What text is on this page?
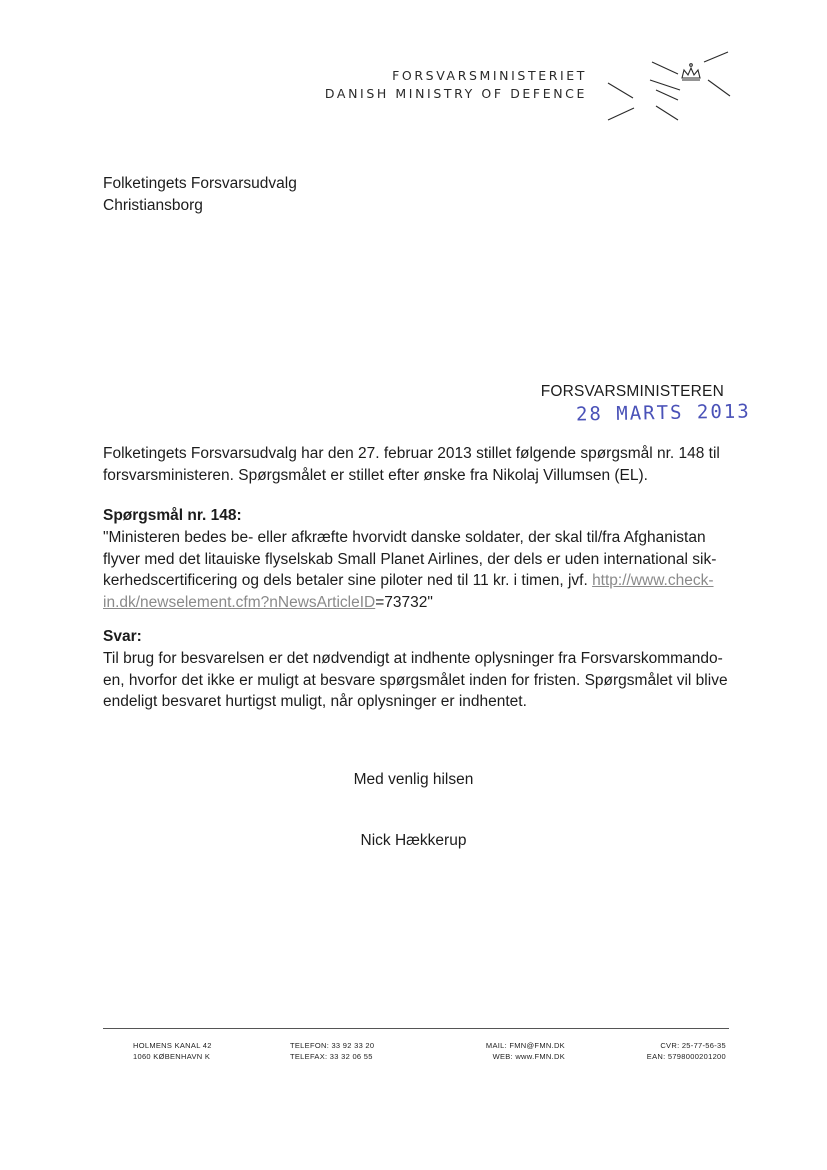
FORSVARSMINISTERIET
DANISH MINISTRY OF DEFENCE
Folketingets Forsvarsudvalg
Christiansborg
FORSVARSMINISTEREN
28 MARTS 2013
Folketingets Forsvarsudvalg har den 27. februar 2013 stillet følgende spørgsmål nr. 148 til
forsvarsministeren. Spørgsmålet er stillet efter ønske fra Nikolaj Villumsen (EL).
Spørgsmål nr. 148:
"Ministeren bedes be- eller afkræfte hvorvidt danske soldater, der skal til/fra Afghanistan
flyver med det litauiske flyselskab Small Planet Airlines, der dels er uden international sik-
kerhedscertificering og dels betaler sine piloter ned til 11 kr. i timen, jvf. http://www.check-
in.dk/newselement.cfm?nNewsArticleID=73732"
Svar:
Til brug for besvarelsen er det nødvendigt at indhente oplysninger fra Forsvarskommando-
en, hvorfor det ikke er muligt at besvare spørgsmålet inden for fristen. Spørgsmålet vil blive
endeligt besvaret hurtigst muligt, når oplysninger er indhentet.
Med venlig hilsen
Nick Hækkerup
HOLMENS KANAL 42
1060 KØBENHAVN K
TELEFON: 33 92 33 20
TELEFAX: 33 32 06 55
MAIL: FMN@FMN.DK
WEB: www.FMN.DK
CVR: 25-77-56-35
EAN: 5798000201200
